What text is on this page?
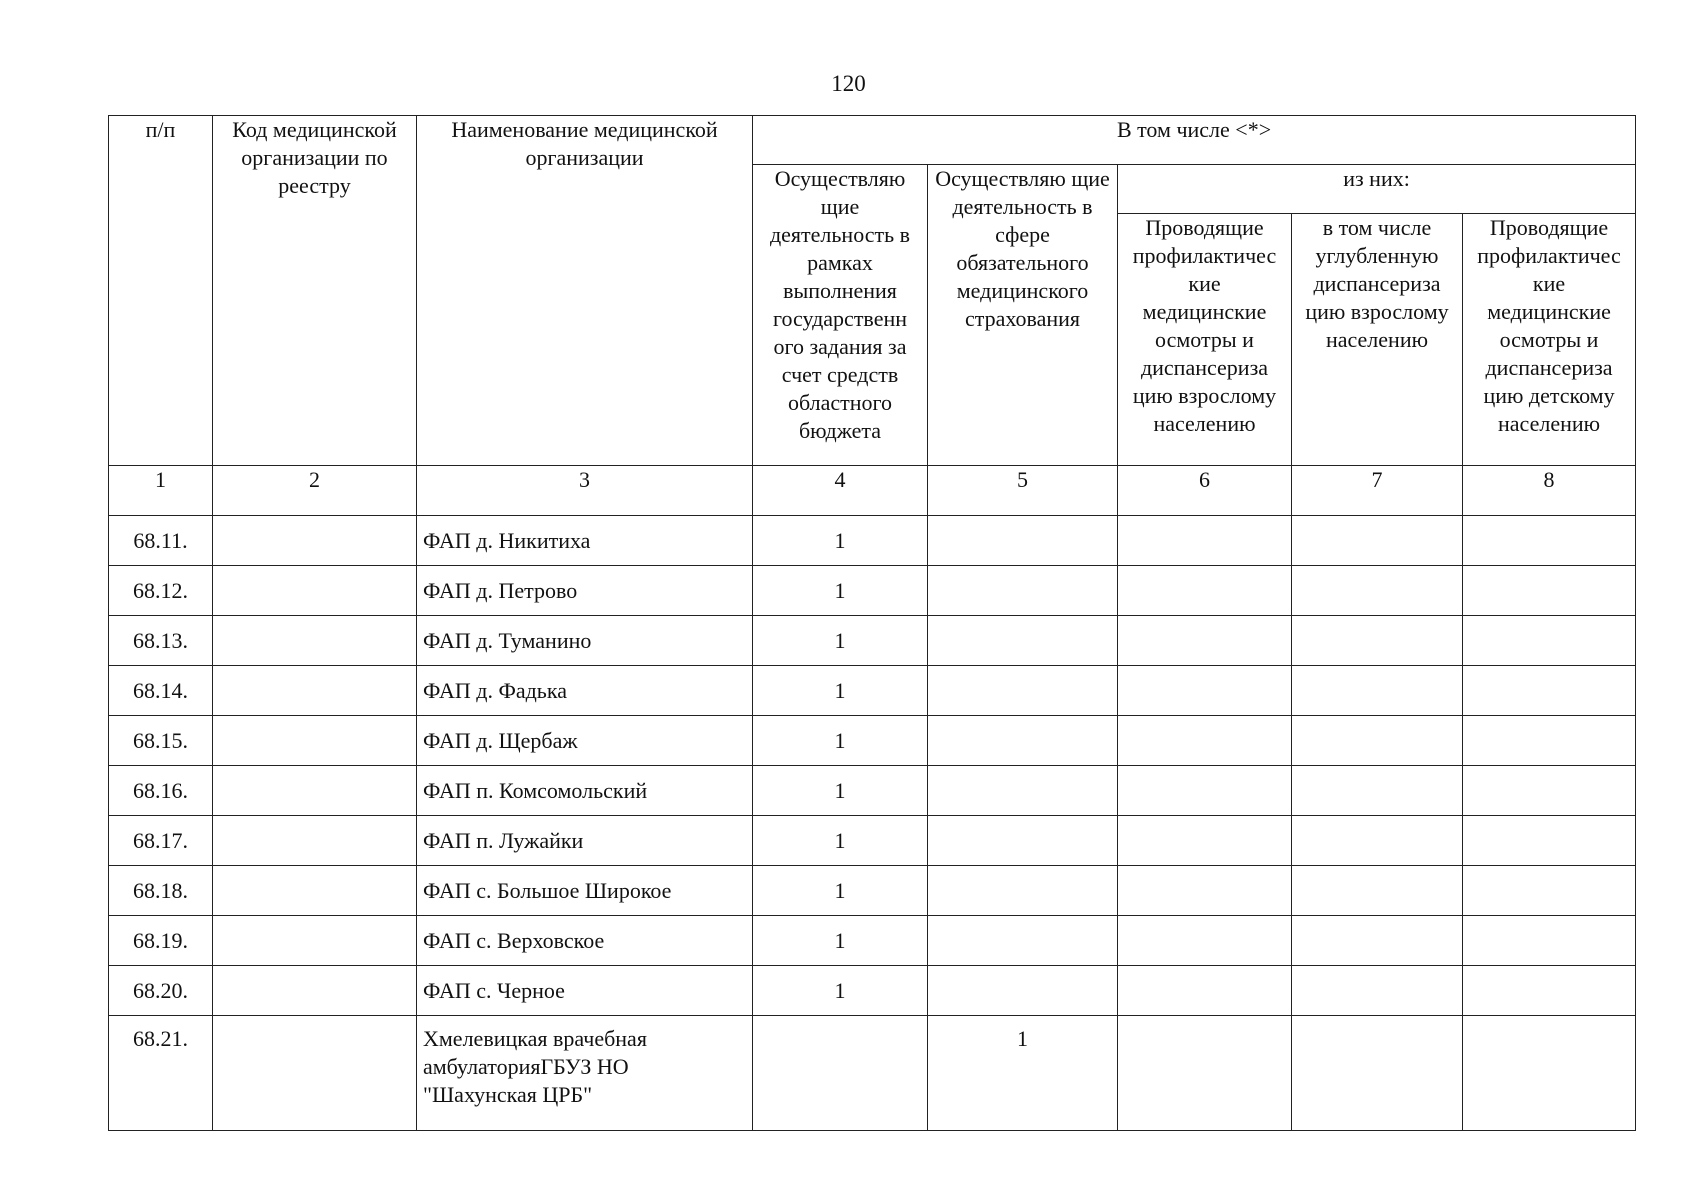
120
п/п	Код медицинской организации по реестру	Наименование медицинской организации	В том числе <*>				
			Осуществляю щие деятельность в рамках выполнения государственн ого задания за счет средств областного бюджета	Осуществляю щие деятельность в сфере обязательного медицинского страхования	из них:		
					Проводящие профилактичес кие медицинские осмотры и диспансериза цию взрослому населению	в том числе углубленную диспансериза цию взрослому населению	Проводящие профилактичес кие медицинские осмотры и диспансериза цию детскому населению
1	2	3	4	5	6	7	8
68.11.		ФАП д. Никитиха	1				
68.12.		ФАП д. Петрово	1				
68.13.		ФАП д. Туманино	1				
68.14.		ФАП д. Фадька	1				
68.15.		ФАП д. Щербаж	1				
68.16.		ФАП п. Комсомольский	1				
68.17.		ФАП п. Лужайки	1				
68.18.		ФАП с. Большое Широкое	1				
68.19.		ФАП с. Верховское	1				
68.20.		ФАП с. Черное	1				
68.21.		Хмелевицкая врачебная амбулаторияГБУЗ НО "Шахунская ЦРБ"		1			
